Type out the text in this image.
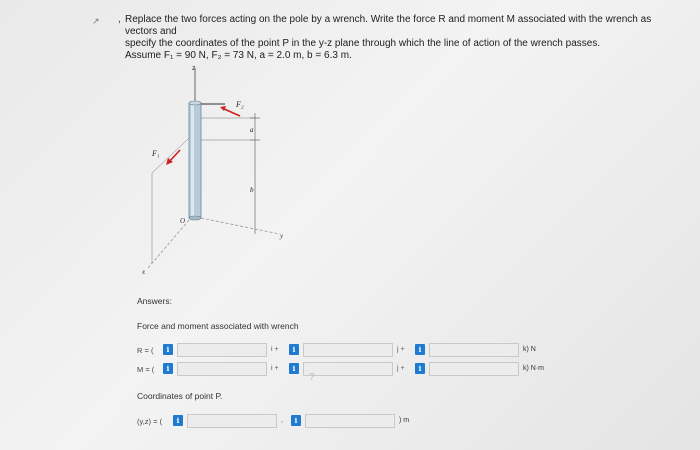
↗ , Replace the two forces acting on the pole by a wrench. Write the force R and moment M associated with the wrench as vectors and

specify the coordinates of the point P in the y-z plane through which the line of action of the wrench passes.

Assume F₁ = 90 N, F₂ = 73 N, a = 2.0 m, b = 6.3 m.

z
F₂
a
b
F₁
y
x
O
Answers:
Force and moment associated with wrench
R = (	i	i +	i	j +	i	k) N
M = (	i	i +	i	j +	i	k) N·m
?
Coordinates of point P.
(y,z) = (	i	,	i	) m
